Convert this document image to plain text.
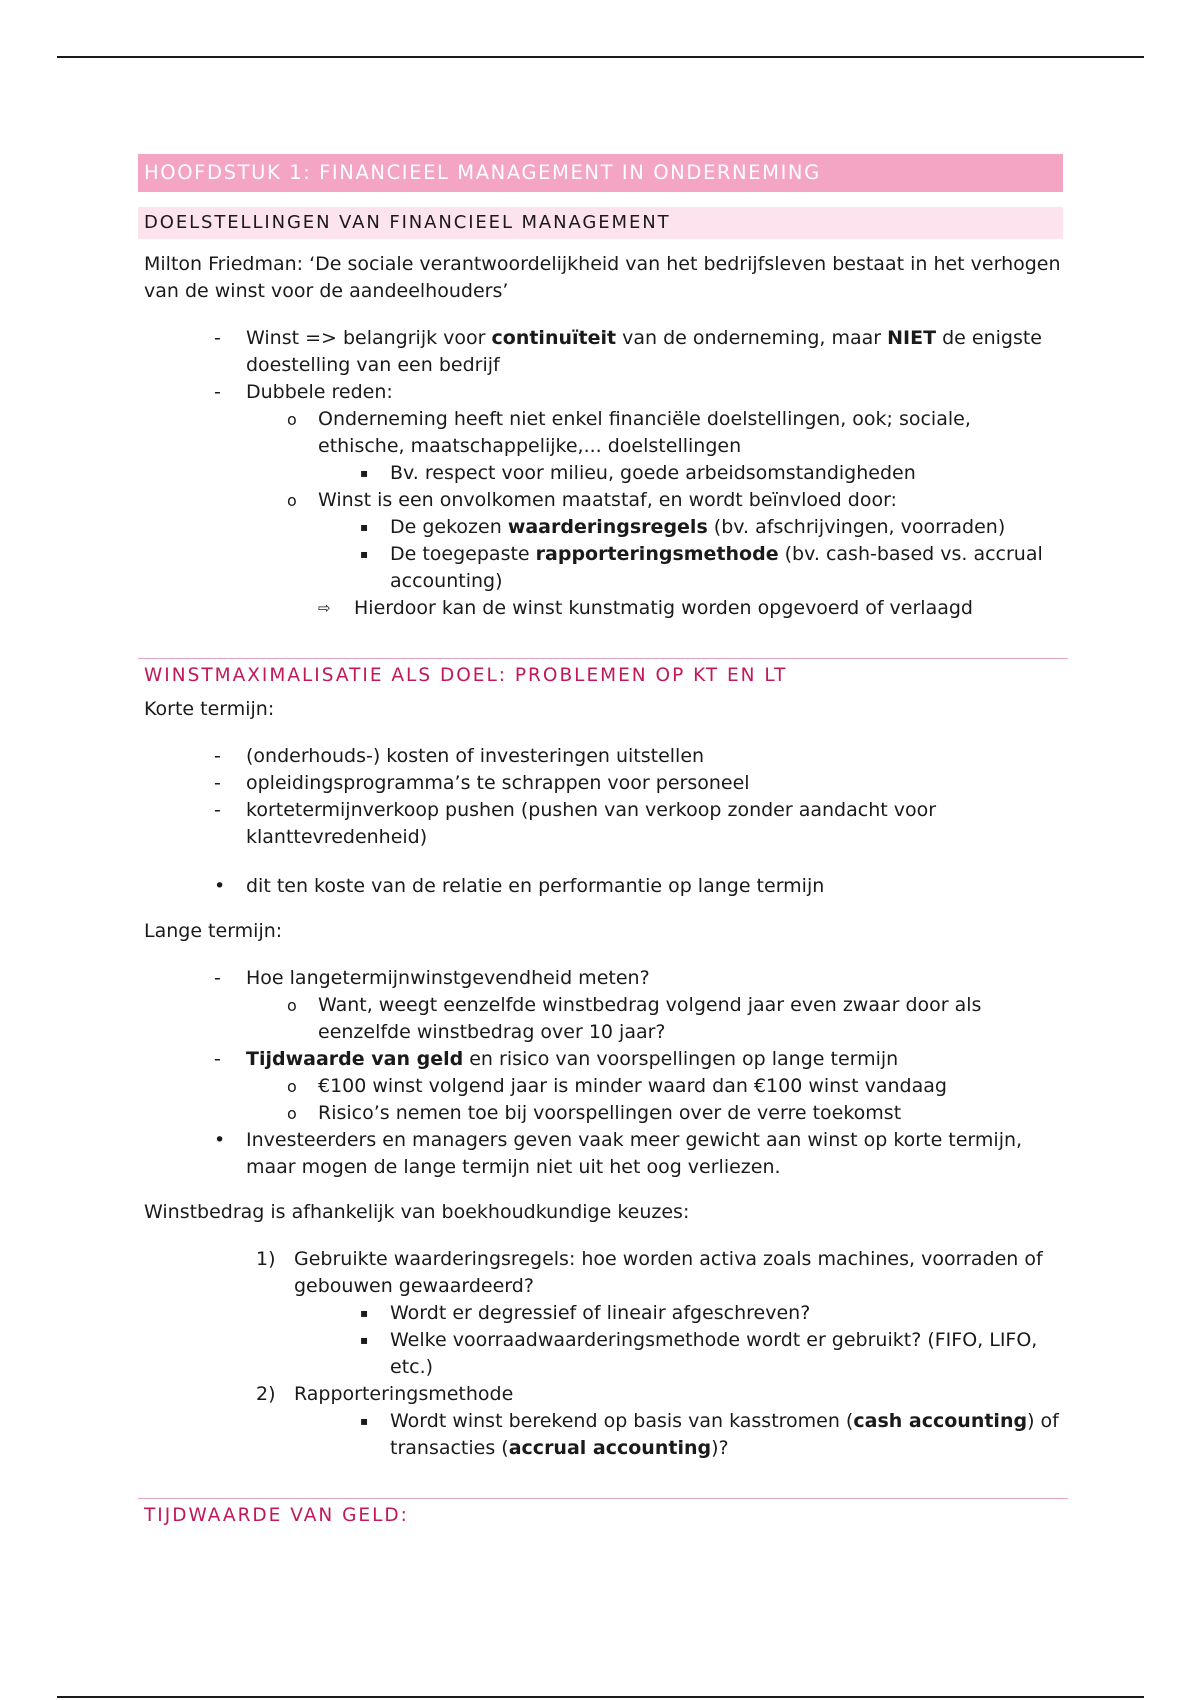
HOOFDSTUK 1: FINANCIEEL MANAGEMENT IN ONDERNEMING
DOELSTELLINGEN VAN FINANCIEEL MANAGEMENT

Milton Friedman: ‘De sociale verantwoordelijkheid van het bedrijfsleven bestaat in het verhogen van de winst voor de aandeelhouders’

-	Winst => belangrijk voor continuïteit van de onderneming, maar NIET de enigste doestelling van een bedrijf
-	Dubbele reden:
o	Onderneming heeft niet enkel financiële doelstellingen, ook; sociale, ethische, maatschappelijke,... doelstellingen
▪	Bv. respect voor milieu, goede arbeidsomstandigheden
o	Winst is een onvolkomen maatstaf, en wordt beïnvloed door:
▪	De gekozen waarderingsregels (bv. afschrijvingen, voorraden)
▪	De toegepaste rapporteringsmethode (bv. cash-based vs. accrual accounting)
⇨	Hierdoor kan de winst kunstmatig worden opgevoerd of verlaagd
WINSTMAXIMALISATIE ALS DOEL: PROBLEMEN OP KT EN LT

Korte termijn:

-	(onderhouds-) kosten of investeringen uitstellen
-	opleidingsprogramma’s te schrappen voor personeel
-	kortetermijnverkoop pushen (pushen van verkoop zonder aandacht voor klanttevredenheid)
•	dit ten koste van de relatie en performantie op lange termijn

Lange termijn:

-	Hoe langetermijnwinstgevendheid meten?
o	Want, weegt eenzelfde winstbedrag volgend jaar even zwaar door als eenzelfde winstbedrag over 10 jaar?
-	Tijdwaarde van geld en risico van voorspellingen op lange termijn
o	€100 winst volgend jaar is minder waard dan €100 winst vandaag
o	Risico’s nemen toe bij voorspellingen over de verre toekomst
•	Investeerders en managers geven vaak meer gewicht aan winst op korte termijn, maar mogen de lange termijn niet uit het oog verliezen.

Winstbedrag is afhankelijk van boekhoudkundige keuzes:

1) Gebruikte waarderingsregels: hoe worden activa zoals machines, voorraden of gebouwen gewaardeerd?
▪	Wordt er degressief of lineair afgeschreven?
▪	Welke voorraadwaarderingsmethode wordt er gebruikt? (FIFO, LIFO, etc.)
2) Rapporteringsmethode
▪	Wordt winst berekend op basis van kasstromen (cash accounting) of transacties (accrual accounting)?
TIJDWAARDE VAN GELD:
